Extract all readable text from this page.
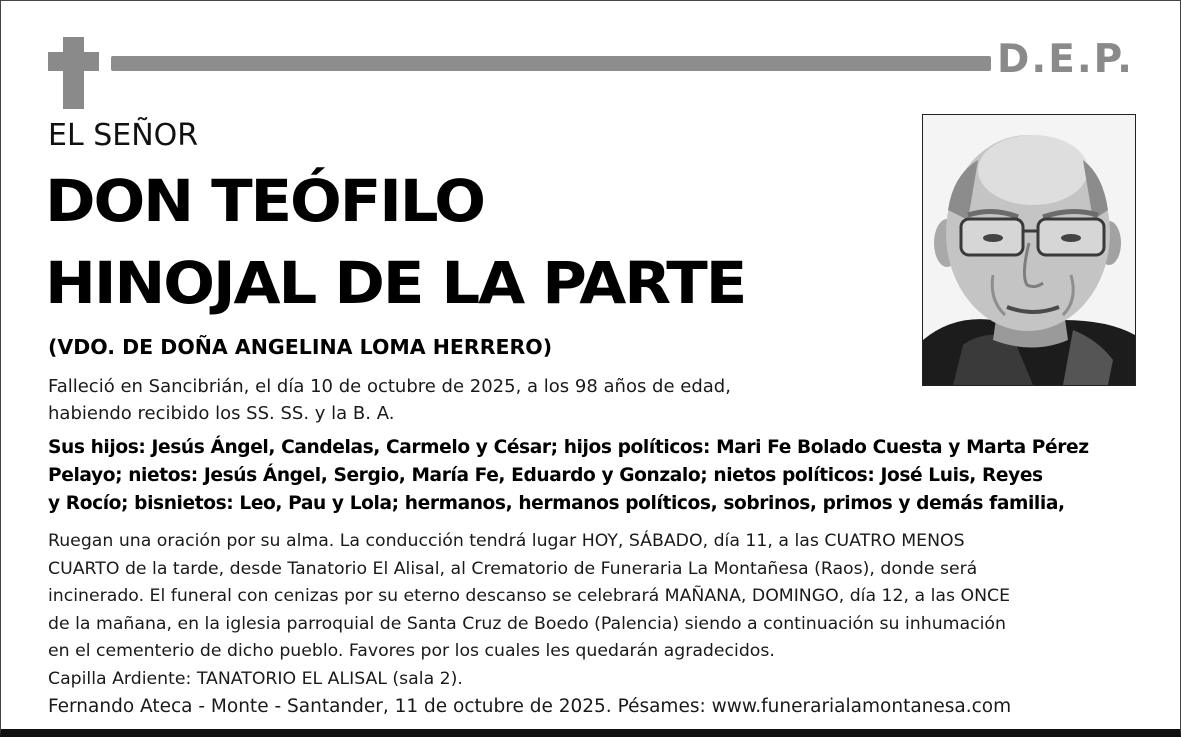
D.E.P.
EL SEÑOR
DON TEÓFILO
HINOJAL DE LA PARTE
(VDO. DE DOÑA ANGELINA LOMA HERRERO)
Falleció en Sancibrián, el día 10 de octubre de 2025, a los 98 años de edad,
habiendo recibido los SS. SS. y la B. A.
Sus hijos: Jesús Ángel, Candelas, Carmelo y César; hijos políticos: Mari Fe Bolado Cuesta y Marta Pérez
Pelayo; nietos: Jesús Ángel, Sergio, María Fe, Eduardo y Gonzalo; nietos políticos: José Luis, Reyes
y Rocío; bisnietos: Leo, Pau y Lola; hermanos, hermanos políticos, sobrinos, primos y demás familia,
Ruegan una oración por su alma. La conducción tendrá lugar HOY, SÁBADO, día 11, a las CUATRO MENOS
CUARTO de la tarde, desde Tanatorio El Alisal, al Crematorio de Funeraria La Montañesa (Raos), donde será
incinerado. El funeral con cenizas por su eterno descanso se celebrará MAÑANA, DOMINGO, día 12, a las ONCE
de la mañana, en la iglesia parroquial de Santa Cruz de Boedo (Palencia) siendo a continuación su inhumación
en el cementerio de dicho pueblo. Favores por los cuales les quedarán agradecidos.
Capilla Ardiente: TANATORIO EL ALISAL (sala 2).
Fernando Ateca - Monte - Santander, 11 de octubre de 2025. Pésames: www.funerarialamontanesa.com
